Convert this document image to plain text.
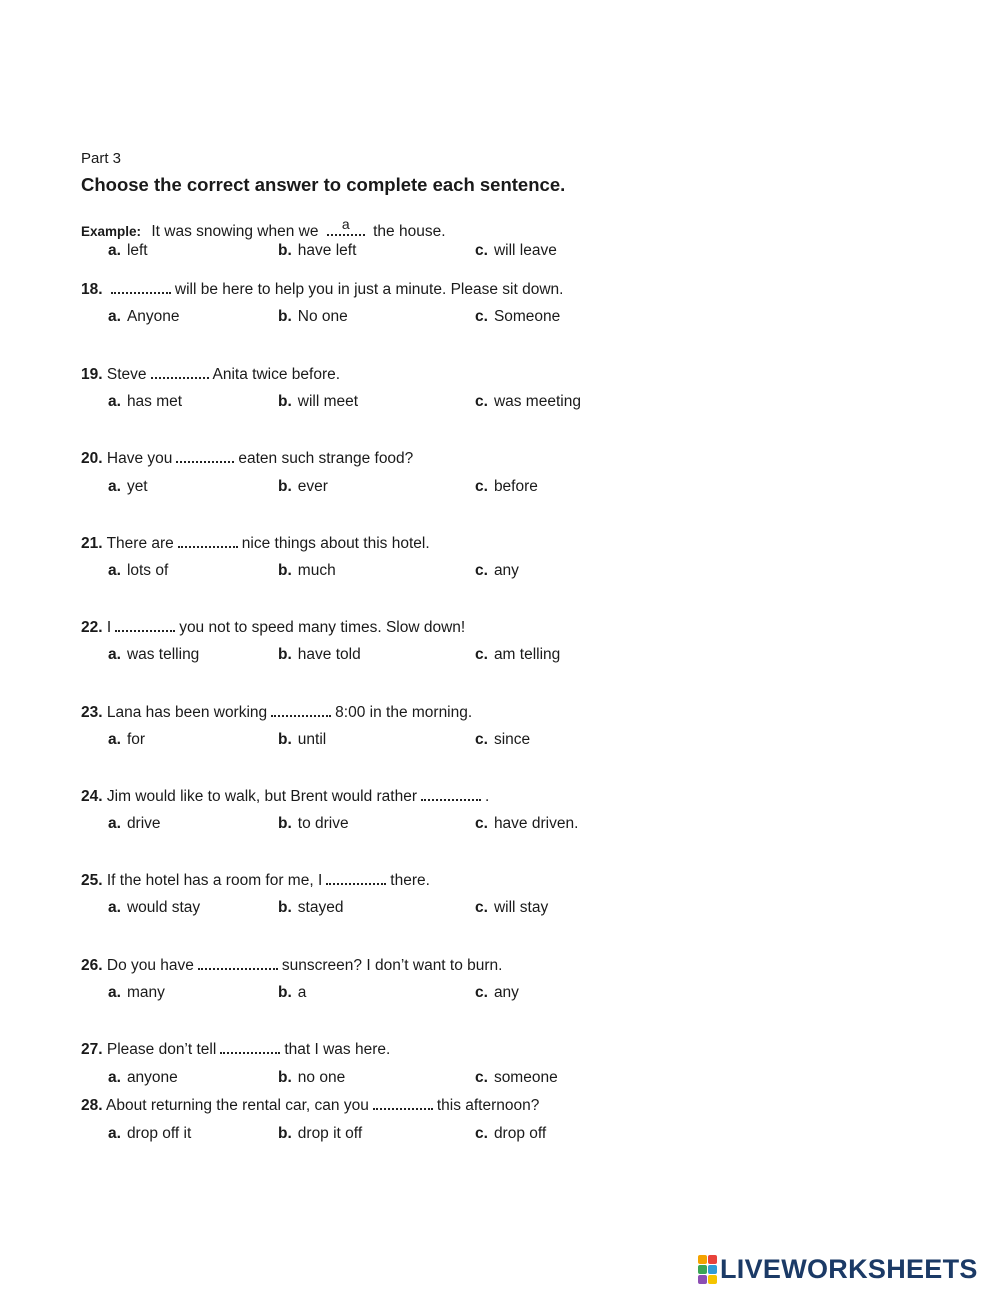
Part 3
Choose the correct answer to complete each sentence.
Example: It was snowing when we	a	the house.
a. left	b. have left	c. will leave
18.	will be here to help you in just a minute. Please sit down.
a. Anyone	b. No one	c. Someone
19. Steve	Anita twice before.
a. has met	b. will meet	c. was meeting
20. Have you	eaten such strange food?
a. yet	b. ever	c. before
21. There are	nice things about this hotel.
a. lots of	b. much	c. any
22. I	you not to speed many times. Slow down!
a. was telling	b. have told	c. am telling
23. Lana has been working	8:00 in the morning.
a. for	b. until	c. since
24. Jim would like to walk, but Brent would rather	.
a. drive	b. to drive	c. have driven.
25. If the hotel has a room for me, I	there.
a. would stay	b. stayed	c. will stay
26. Do you have	sunscreen? I don’t want to burn.
a. many	b. a	c. any
27. Please don’t tell	that I was here.
a. anyone	b. no one	c. someone
28. About returning the rental car, can you	this afternoon?
a. drop off it	b. drop it off	c. drop off
LIVEWORKSHEETS
